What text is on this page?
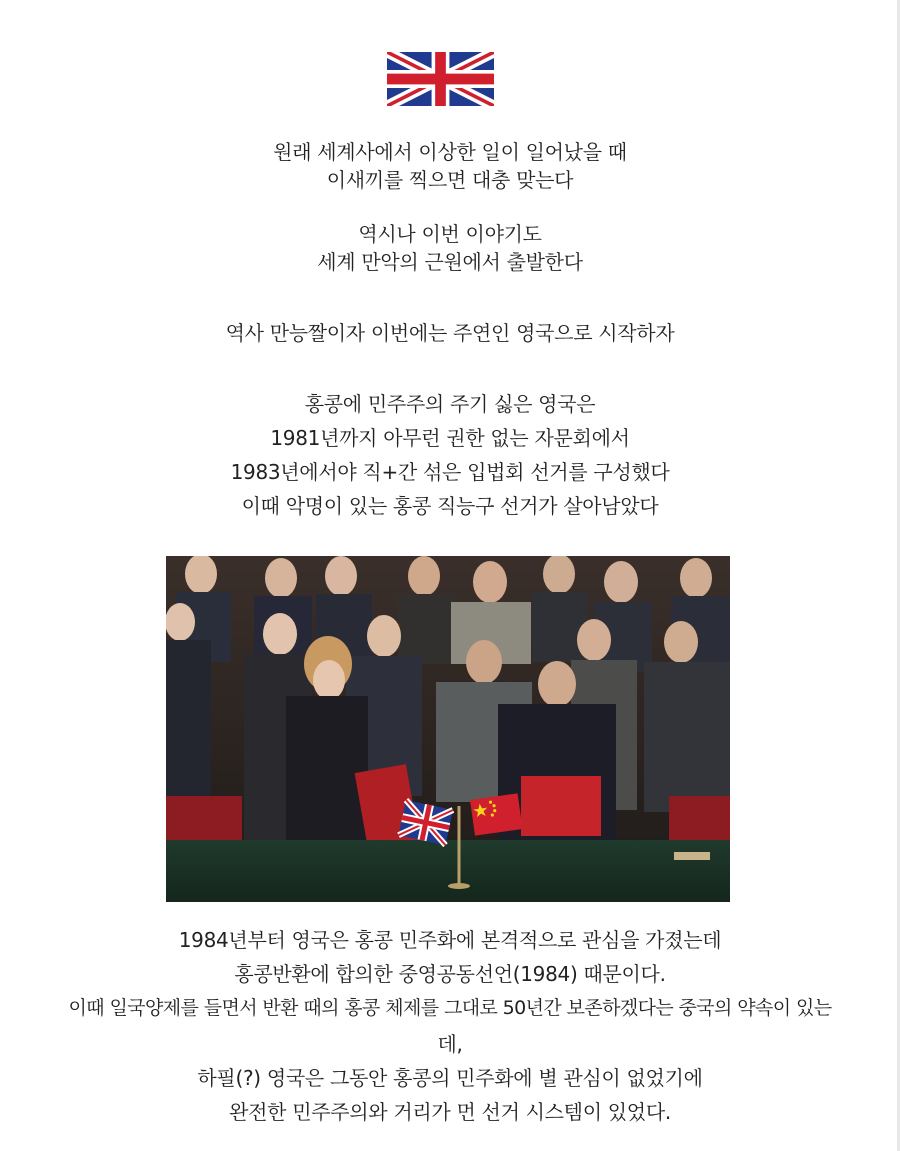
원래 세계사에서 이상한 일이 일어났을 때
이새끼를 찍으면 대충 맞는다
역시나 이번 이야기도
세계 만악의 근원에서 출발한다
역사 만능짤이자 이번에는 주연인 영국으로 시작하자
홍콩에 민주주의 주기 싫은 영국은
1981년까지 아무런 권한 없는 자문회에서
1983년에서야 직+간 섞은 입법회 선거를 구성했다
이때 악명이 있는 홍콩 직능구 선거가 살아남았다
1984년부터 영국은 홍콩 민주화에 본격적으로 관심을 가졌는데
홍콩반환에 합의한 중영공동선언(1984) 때문이다.
이때 일국양제를 들면서 반환 때의 홍콩 체제를 그대로 50년간 보존하겠다는 중국의 약속이 있는
데,
하필(?) 영국은 그동안 홍콩의 민주화에 별 관심이 없었기에
완전한 민주주의와 거리가 먼 선거 시스템이 있었다.
